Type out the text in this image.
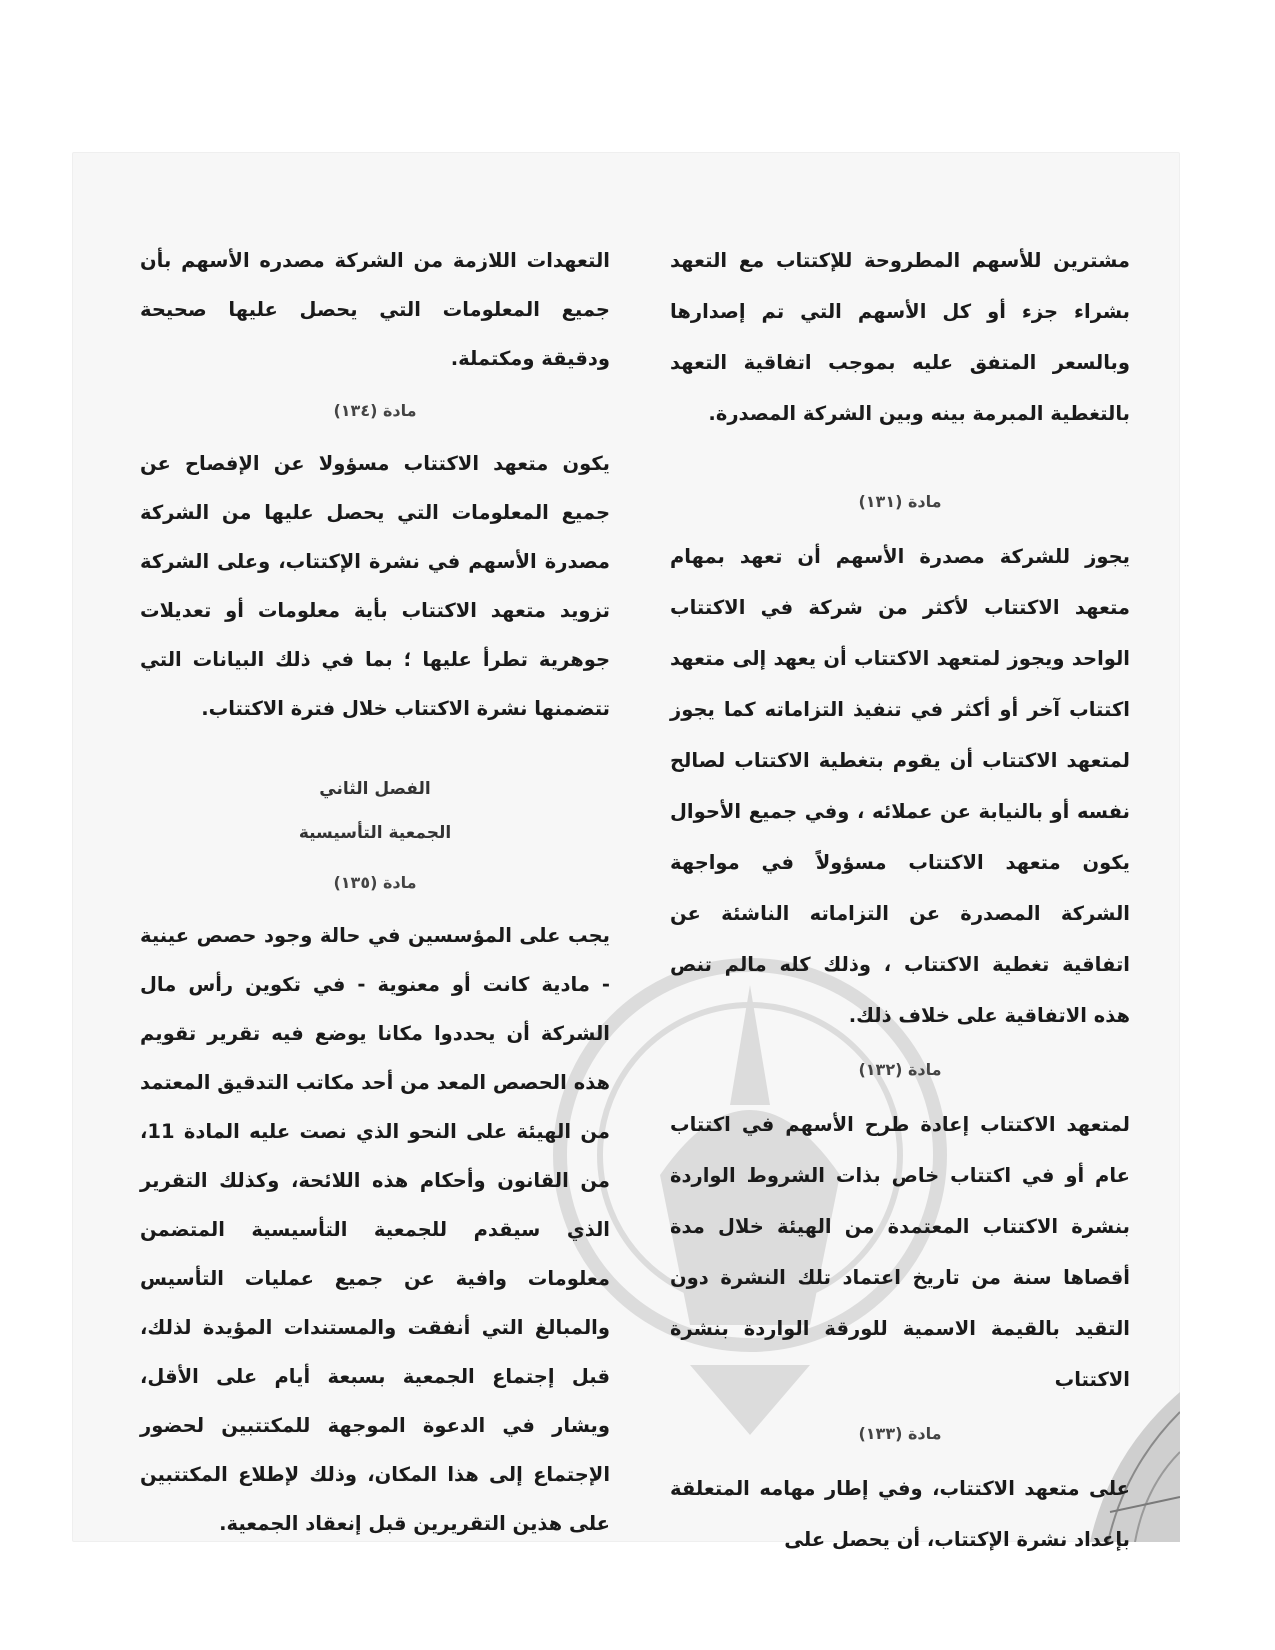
مشترين للأسهم المطروحة للإكتتاب مع التعهد بشراء جزء أو كل الأسهم التي تم إصدارها وبالسعر المتفق عليه بموجب اتفاقية التعهد بالتغطية المبرمة بينه وبين الشركة المصدرة.

مادة (١٣١)

يجوز للشركة مصدرة الأسهم أن تعهد بمهام متعهد الاكتتاب لأكثر من شركة في الاكتتاب الواحد ويجوز لمتعهد الاكتتاب أن يعهد إلى متعهد اكتتاب آخر أو أكثر في تنفيذ التزاماته كما يجوز لمتعهد الاكتتاب أن يقوم بتغطية الاكتتاب لصالح نفسه أو بالنيابة عن عملائه ، وفي جميع الأحوال يكون متعهد الاكتتاب مسؤولاً في مواجهة الشركة المصدرة عن التزاماته الناشئة عن اتفاقية تغطية الاكتتاب ، وذلك كله مالم تنص هذه الاتفاقية على خلاف ذلك.

مادة (١٣٢)

لمتعهد الاكتتاب إعادة طرح الأسهم في اكتتاب عام أو في اكتتاب خاص بذات الشروط الواردة بنشرة الاكتتاب المعتمدة من الهيئة خلال مدة أقصاها سنة من تاريخ اعتماد تلك النشرة دون التقيد بالقيمة الاسمية للورقة الواردة بنشرة الاكتتاب

مادة (١٣٣)

على متعهد الاكتتاب، وفي إطار مهامه المتعلقة بإعداد نشرة الإكتتاب، أن يحصل على

التعهدات اللازمة من الشركة مصدره الأسهم بأن جميع المعلومات التي يحصل عليها صحيحة ودقيقة ومكتملة.

مادة (١٣٤)

يكون متعهد الاكتتاب مسؤولا عن الإفصاح عن جميع المعلومات التي يحصل عليها من الشركة مصدرة الأسهم في نشرة الإكتتاب، وعلى الشركة تزويد متعهد الاكتتاب بأية معلومات أو تعديلات جوهرية تطرأ عليها ؛ بما في ذلك البيانات التي تتضمنها نشرة الاكتتاب خلال فترة الاكتتاب.

الفصل الثاني

الجمعية التأسيسية

مادة (١٣٥)

يجب على المؤسسين في حالة وجود حصص عينية - مادية كانت أو معنوية - في تكوين رأس مال الشركة أن يحددوا مكانا يوضع فيه تقرير تقويم هذه الحصص المعد من أحد مكاتب التدقيق المعتمد من الهيئة على النحو الذي نصت عليه المادة 11، من القانون وأحكام هذه اللائحة، وكذلك التقرير الذي سيقدم للجمعية التأسيسية المتضمن معلومات وافية عن جميع عمليات التأسيس والمبالغ التي أنفقت والمستندات المؤيدة لذلك، قبل إجتماع الجمعية بسبعة أيام على الأقل، ويشار في الدعوة الموجهة للمكتتبين لحضور الإجتماع إلى هذا المكان، وذلك لإطلاع المكتتبين على هذين التقريرين قبل إنعقاد الجمعية.
